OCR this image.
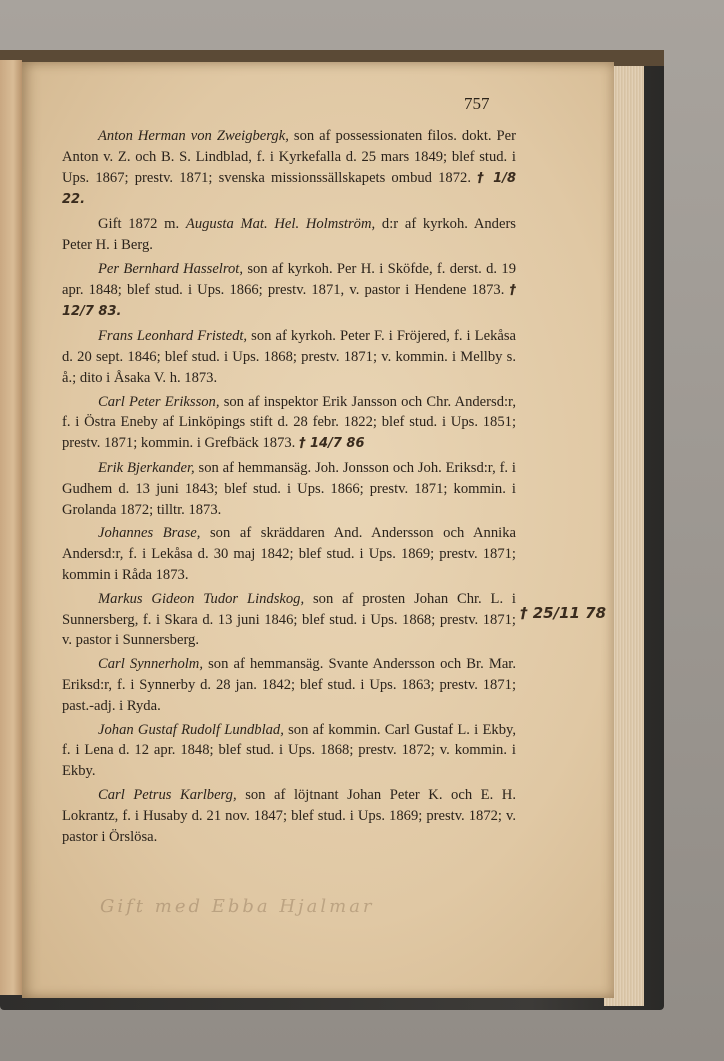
757

Anton Herman von Zweigbergk, son af possessionaten filos. dokt. Per Anton v. Z. och B. S. Lindblad, f. i Kyrkefalla d. 25 mars 1849; blef stud. i Ups. 1867; prestv. 1871; svenska missionssällskapets ombud 1872. † 1/8 22.

Gift 1872 m. Augusta Mat. Hel. Holmström, d:r af kyrkoh. Anders Peter H. i Berg.

Per Bernhard Hasselrot, son af kyrkoh. Per H. i Sköfde, f. derst. d. 19 apr. 1848; blef stud. i Ups. 1866; prestv. 1871, v. pastor i Hendene 1873. † 12/7 83.

Frans Leonhard Fristedt, son af kyrkoh. Peter F. i Fröjered, f. i Lekåsa d. 20 sept. 1846; blef stud. i Ups. 1868; prestv. 1871; v. kommin. i Mellby s. å.; dito i Åsaka V. h. 1873.

Carl Peter Eriksson, son af inspektor Erik Jansson och Chr. Andersd:r, f. i Östra Eneby af Linköpings stift d. 28 febr. 1822; blef stud. i Ups. 1851; prestv. 1871; kommin. i Grefbäck 1873. † 14/7 86

Erik Bjerkander, son af hemmansäg. Joh. Jonsson och Joh. Eriksd:r, f. i Gudhem d. 13 juni 1843; blef stud. i Ups. 1866; prestv. 1871; kommin. i Grolanda 1872; tilltr. 1873.

Johannes Brase, son af skräddaren And. Andersson och Annika Andersd:r, f. i Lekåsa d. 30 maj 1842; blef stud. i Ups. 1869; prestv. 1871; kommin i Råda 1873.

Markus Gideon Tudor Lindskog, son af prosten Johan Chr. L. i Sunnersberg, f. i Skara d. 13 juni 1846; blef stud. i Ups. 1868; prestv. 1871; v. pastor i Sunnersberg.

Carl Synnerholm, son af hemmansäg. Svante Andersson och Br. Mar. Eriksd:r, f. i Synnerby d. 28 jan. 1842; blef stud. i Ups. 1863; prestv. 1871; past.-adj. i Ryda.

Johan Gustaf Rudolf Lundblad, son af kommin. Carl Gustaf L. i Ekby, f. i Lena d. 12 apr. 1848; blef stud. i Ups. 1868; prestv. 1872; v. kommin. i Ekby.

Carl Petrus Karlberg, son af löjtnant Johan Peter K. och E. H. Lokrantz, f. i Husaby d. 21 nov. 1847; blef stud. i Ups. 1869; prestv. 1872; v. pastor i Örslösa.

† 25/11 78
Gift med Ebba Hjalmar
